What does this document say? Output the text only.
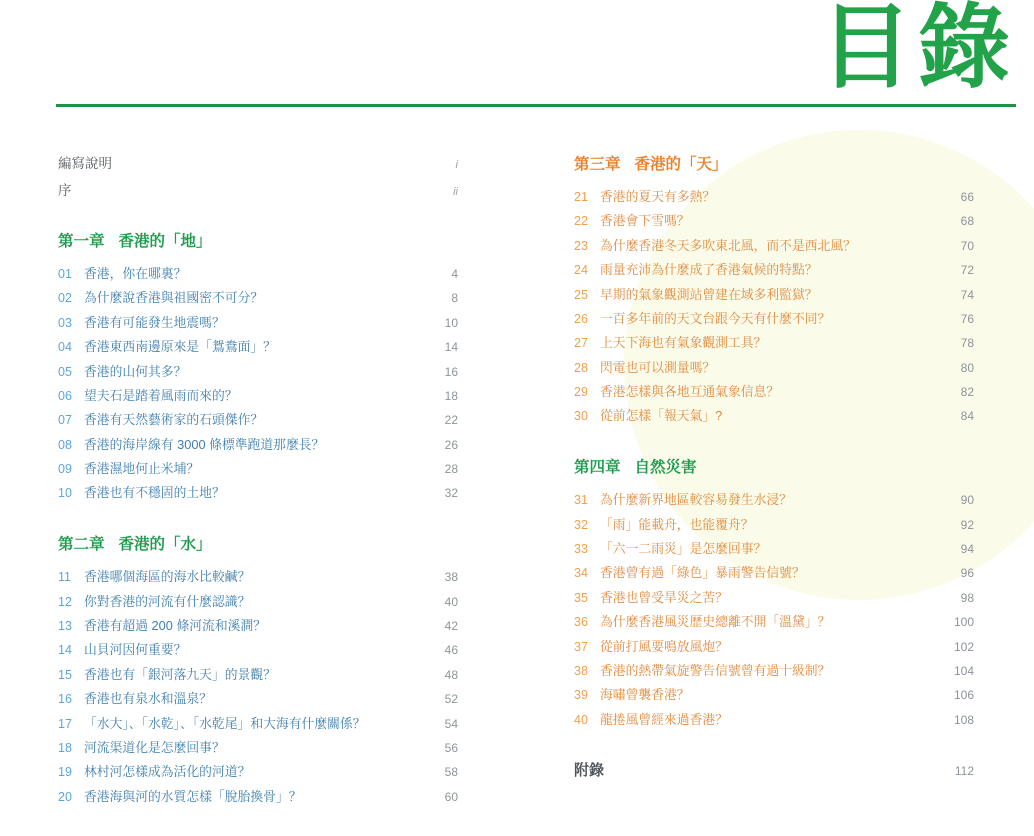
目錄
編寫說明	i
序	ii
第一章 香港的「地」
01 香港，你在哪裏？	4
02 為什麼說香港與祖國密不可分？	8
03 香港有可能發生地震嗎？	10
04 香港東西南邊原來是「鴛鴦面」？	14
05 香港的山何其多？	16
06 望夫石是踏着風雨而來的？	18
07 香港有天然藝術家的石頭傑作？	22
08 香港的海岸線有 3000 條標準跑道那麼長？	26
09 香港濕地何止米埔？	28
10 香港也有不穩固的土地？	32
第二章 香港的「水」
11	香港哪個海區的海水比較鹹？	38
12 你對香港的河流有什麼認識？	40
13 香港有超過 200 條河流和溪澗？	42
14 山貝河因何重要？	46
15 香港也有「銀河落九天」的景觀？	48
16 香港也有泉水和溫泉？	52
17 「水大」、「水乾」、「水乾尾」和大海有什麼關係？	54
18 河流渠道化是怎麼回事？	56
19 林村河怎樣成為活化的河道？	58
20 香港海與河的水質怎樣「脫胎換骨」？	60
第三章 香港的「天」
21 香港的夏天有多熱？	66
22 香港會下雪嗎？	68
23 為什麼香港冬天多吹東北風，而不是西北風？	70
24 雨量充沛為什麼成了香港氣候的特點？	72
25 早期的氣象觀測站曾建在域多利監獄？	74
26 一百多年前的天文台跟今天有什麼不同？	76
27 上天下海也有氣象觀測工具？	78
28 閃電也可以測量嗎？	80
29 香港怎樣與各地互通氣象信息？	82
30 從前怎樣「報天氣」?	84
第四章 自然災害
31 為什麼新界地區較容易發生水浸？	90
32 「雨」能載舟，也能覆舟？	92
33 「六一二雨災」是怎麼回事？	94
34 香港曾有過「綠色」暴雨警告信號？	96
35 香港也曾受旱災之苦？	98
36 為什麼香港風災歷史總離不開「溫黛」？	100
37 從前打風要鳴放風炮？	102
38 香港的熱帶氣旋警告信號曾有過十級制？	104
39 海嘯曾襲香港？	106
40 龍捲風曾經來過香港？	108
附錄	112
